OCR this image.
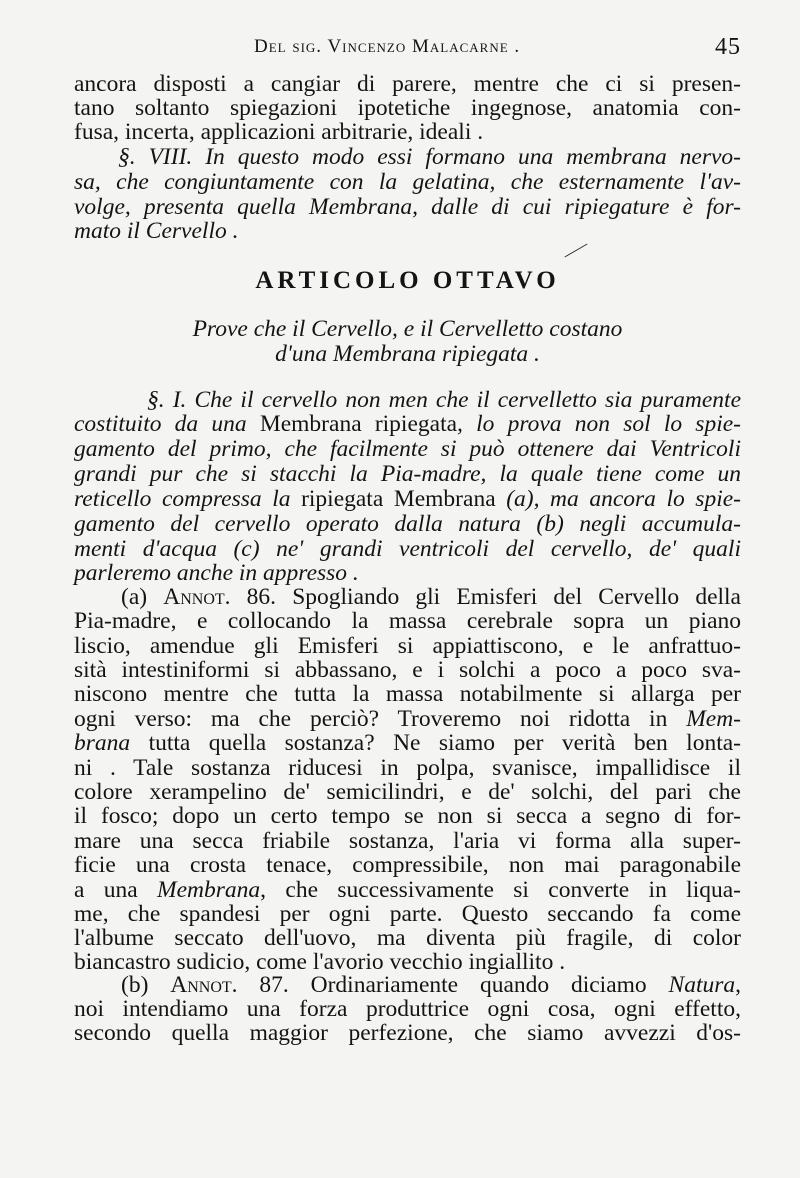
Del sig. Vincenzo Malacarne .	45
ancora disposti a cangiar di parere, mentre che ci si presen-
tano soltanto spiegazioni ipotetiche ingegnose, anatomia con-
fusa, incerta, applicazioni arbitrarie, ideali .
§. VIII. In questo modo essi formano una membrana nervo-
sa, che congiuntamente con la gelatina, che esternamente l'av-
volge, presenta quella Membrana, dalle di cui ripiegature è for-
mato il Cervello .
ARTICOLO OTTAVO
Prove che il Cervello, e il Cervelletto costano
d'una Membrana ripiegata .
§. I. Che il cervello non men che il cervelletto sia puramente
costituito da una Membrana ripiegata, lo prova non sol lo spie-
gamento del primo, che facilmente si può ottenere dai Ventricoli
grandi pur che si stacchi la Pia-madre, la quale tiene come un
reticello compressa la ripiegata Membrana (a), ma ancora lo spie-
gamento del cervello operato dalla natura (b) negli accumula-
menti d'acqua (c) ne' grandi ventricoli del cervello, de' quali
parleremo anche in appresso .
(a) Annot. 86. Spogliando gli Emisferi del Cervello della
Pia-madre, e collocando la massa cerebrale sopra un piano
liscio, amendue gli Emisferi si appiattiscono, e le anfrattuo-
sità intestiniformi si abbassano, e i solchi a poco a poco sva-
niscono mentre che tutta la massa notabilmente si allarga per
ogni verso: ma che perciò? Troveremo noi ridotta in Mem-
brana tutta quella sostanza? Ne siamo per verità ben lonta-
ni . Tale sostanza riducesi in polpa, svanisce, impallidisce il
colore xerampelino de' semicilindri, e de' solchi, del pari che
il fosco; dopo un certo tempo se non si secca a segno di for-
mare una secca friabile sostanza, l'aria vi forma alla super-
ficie una crosta tenace, compressibile, non mai paragonabile
a una Membrana, che successivamente si converte in liqua-
me, che spandesi per ogni parte. Questo seccando fa come
l'albume seccato dell'uovo, ma diventa più fragile, di color
biancastro sudicio, come l'avorio vecchio ingiallito .
(b) Annot. 87. Ordinariamente quando diciamo Natura,
noi intendiamo una forza produttrice ogni cosa, ogni effetto,
secondo quella maggior perfezione, che siamo avvezzi d'os-
